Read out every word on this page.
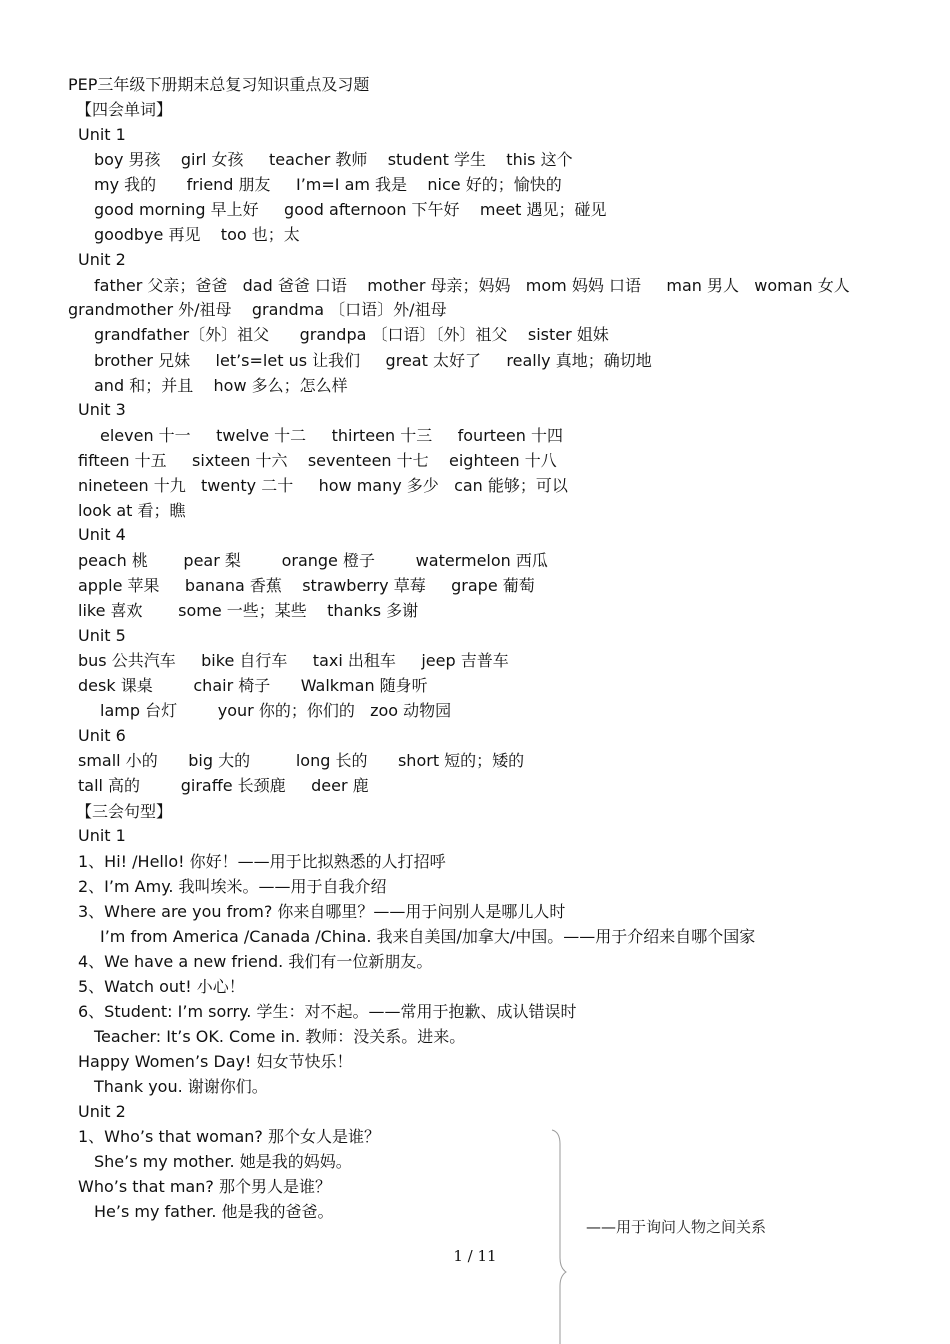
PEP三年级下册期末总复习知识重点及习题
【四会单词】
Unit 1
boy 男孩    girl 女孩     teacher 教师    student 学生    this 这个
my 我的      friend 朋友     I’m=I am 我是    nice 好的；愉快的
good morning 早上好     good afternoon 下午好    meet 遇见；碰见
goodbye 再见    too 也；太
Unit 2
father 父亲；爸爸   dad 爸爸 口语    mother 母亲；妈妈   mom 妈妈 口语     man 男人   woman 女人
grandmother 外/祖母    grandma 〔口语〕外/祖母
grandfather〔外〕祖父      grandpa 〔口语〕〔外〕祖父    sister 姐妹
brother 兄妹     let’s=let us 让我们     great 太好了     really 真地；确切地
and 和；并且    how 多么；怎么样
Unit 3
eleven 十一     twelve 十二     thirteen 十三     fourteen 十四
fifteen 十五     sixteen 十六    seventeen 十七    eighteen 十八
nineteen 十九   twenty 二十     how many 多少   can 能够；可以
look at 看；瞧
Unit 4
peach 桃       pear 梨        orange 橙子        watermelon 西瓜
apple 苹果     banana 香蕉    strawberry 草莓     grape 葡萄
like 喜欢       some 一些；某些    thanks 多谢
Unit 5
bus 公共汽车     bike 自行车     taxi 出租车     jeep 吉普车
desk 课桌        chair 椅子      Walkman 随身听
lamp 台灯        your 你的；你们的   zoo 动物园
Unit 6
small 小的      big 大的         long 长的      short 短的；矮的
tall 高的        giraffe 长颈鹿     deer 鹿
【三会句型】
Unit 1
1、Hi! /Hello! 你好！——用于比拟熟悉的人打招呼
2、I’m Amy. 我叫埃米。——用于自我介绍
3、Where are you from? 你来自哪里？——用于问别人是哪儿人时
I’m from America /Canada /China. 我来自美国/加拿大/中国。——用于介绍来自哪个国家
4、We have a new friend. 我们有一位新朋友。
5、Watch out! 小心！
6、Student: I’m sorry. 学生：对不起。——常用于抱歉、成认错误时
Teacher: It’s OK. Come in. 教师：没关系。进来。
Happy Women’s Day! 妇女节快乐！
Thank you. 谢谢你们。
Unit 2
1、Who’s that woman? 那个女人是谁？
She’s my mother. 她是我的妈妈。
Who’s that man? 那个男人是谁？
He’s my father. 他是我的爸爸。
——用于询问人物之间关系
1 / 11
